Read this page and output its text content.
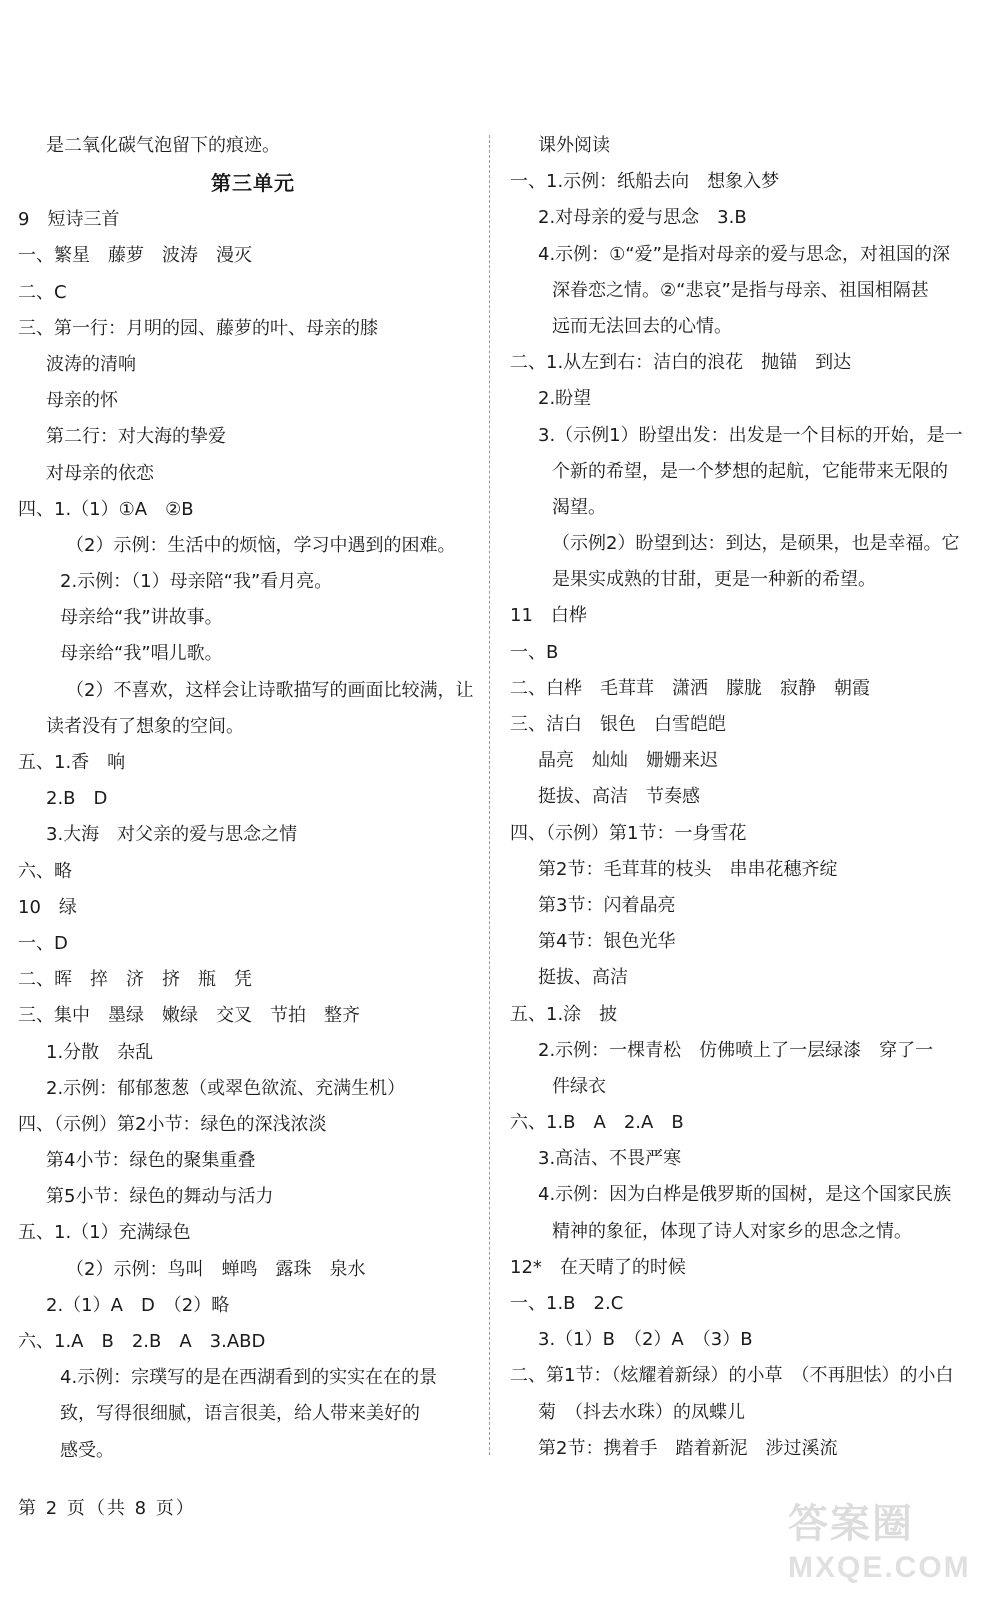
是二氧化碳气泡留下的痕迹。
第三单元
9　短诗三首
一、繁星　藤萝　波涛　漫灭
二、C
三、第一行：月明的园、藤萝的叶、母亲的膝
波涛的清响
母亲的怀
第二行：对大海的挚爱
对母亲的依恋
四、1.（1）①A　②B
（2）示例：生活中的烦恼，学习中遇到的困难。
2.示例：（1）母亲陪“我”看月亮。
母亲给“我”讲故事。
母亲给“我”唱儿歌。
（2）不喜欢，这样会让诗歌描写的画面比较满，让
读者没有了想象的空间。
五、1.香　响
2.B　D
3.大海　对父亲的爱与思念之情
六、略
10　绿
一、D
二、晖　捽　济　挤　瓶　凭
三、集中　墨绿　嫩绿　交叉　节拍　整齐
1.分散　杂乱
2.示例：郁郁葱葱（或翠色欲流、充满生机）
四、（示例）第2小节：绿色的深浅浓淡
第4小节：绿色的聚集重叠
第5小节：绿色的舞动与活力
五、1.（1）充满绿色
（2）示例：鸟叫　蝉鸣　露珠　泉水
2.（1）A　D　（2）略
六、1.A　B　2.B　A　3.ABD
4.示例：宗璞写的是在西湖看到的实实在在的景
致，写得很细腻，语言很美，给人带来美好的
感受。
课外阅读
一、1.示例：纸船去向　想象入梦
2.对母亲的爱与思念　3.B
4.示例：①“爱”是指对母亲的爱与思念，对祖国的深
深眷恋之情。②“悲哀”是指与母亲、祖国相隔甚
远而无法回去的心情。
二、1.从左到右：洁白的浪花　抛锚　到达
2.盼望
3.（示例1）盼望出发：出发是一个目标的开始，是一
个新的希望，是一个梦想的起航，它能带来无限的
渴望。
（示例2）盼望到达：到达，是硕果，也是幸福。它
是果实成熟的甘甜，更是一种新的希望。
11　白桦
一、B
二、白桦　毛茸茸　潇洒　朦胧　寂静　朝霞
三、洁白　银色　白雪皑皑
晶亮　灿灿　姗姗来迟
挺拔、高洁　节奏感
四、（示例）第1节：一身雪花
第2节：毛茸茸的枝头　串串花穗齐绽
第3节：闪着晶亮
第4节：银色光华
挺拔、高洁
五、1.涂　披
2.示例：一棵青松　仿佛喷上了一层绿漆　穿了一
件绿衣
六、1.B　A　2.A　B
3.高洁、不畏严寒
4.示例：因为白桦是俄罗斯的国树，是这个国家民族
精神的象征，体现了诗人对家乡的思念之情。
12*　在天晴了的时候
一、1.B　2.C
3.（1）B　（2）A　（3）B
二、第1节：（炫耀着新绿）的小草　（不再胆怯）的小白
菊　（抖去水珠）的凤蝶儿
第2节：携着手　踏着新泥　涉过溪流
第 2 页（共 8 页）	答案圈
MXQE.COM
